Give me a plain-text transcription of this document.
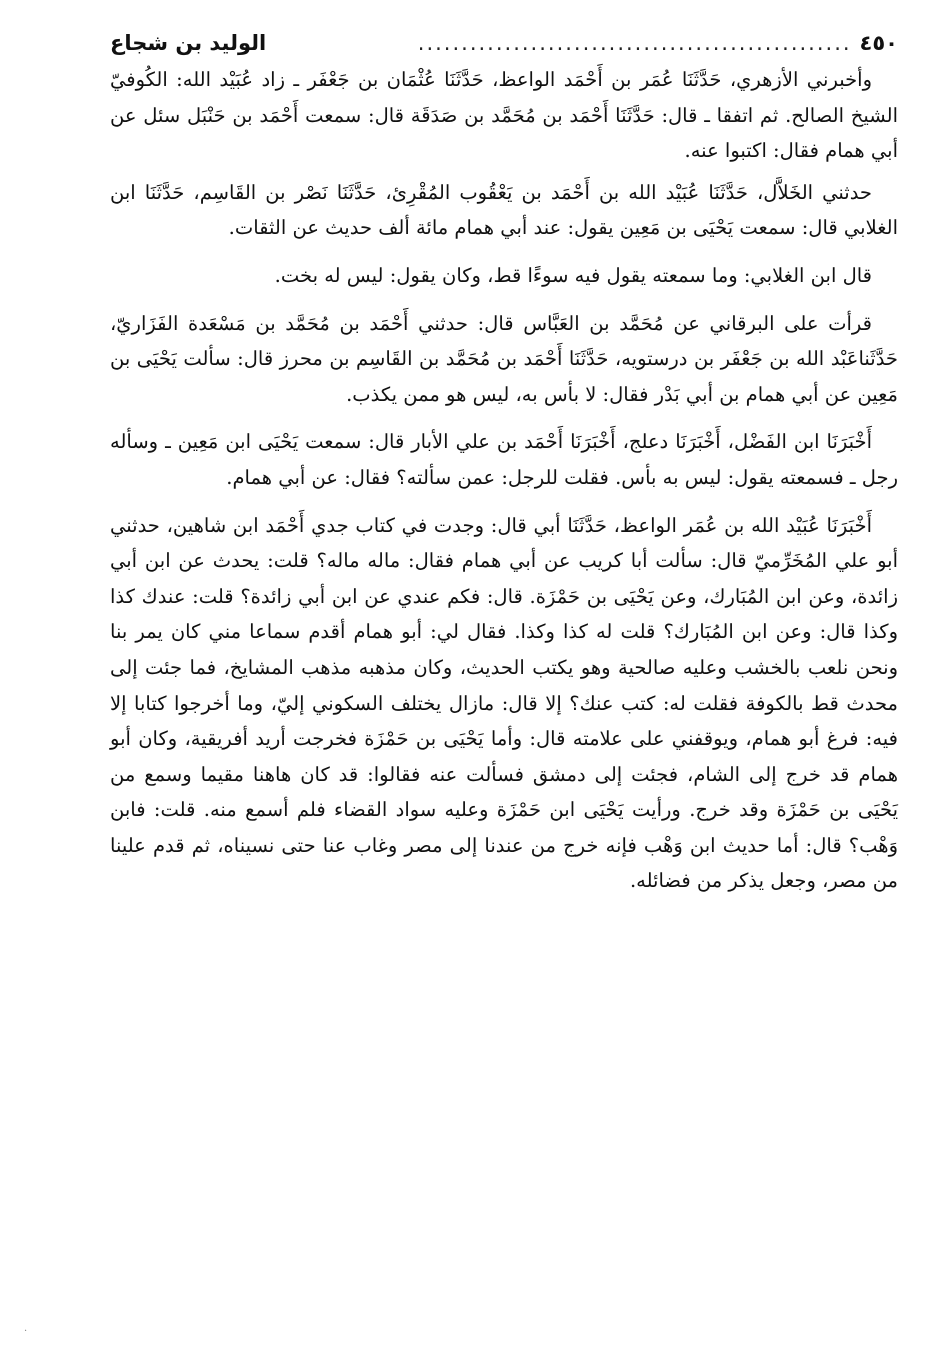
٤٥٠
..................................................
الوليد بن شجاع

وأخبرني الأزهري، حَدَّثَنَا عُمَر بن أَحْمَد الواعظ، حَدَّثَنَا عُثْمَان بن جَعْفَر ـ زاد عُبَيْد الله: الكُوفيّ الشيخ الصالح. ثم اتفقا ـ قال: حَدَّثَنَا أَحْمَد بن مُحَمَّد بن صَدَقَة قال: سمعت أَحْمَد بن حَنْبَل سئل عن أبي همام فقال: اكتبوا عنه.

حدثني الخَلاَّل، حَدَّثَنَا عُبَيْد الله بن أَحْمَد بن يَعْقُوب المُقْرِئ، حَدَّثَنَا نَصْر بن القَاسِم، حَدَّثَنَا ابن الغلابي قال: سمعت يَحْيَى بن مَعِين يقول: عند أبي همام مائة ألف حديث عن الثقات.

قال ابن الغلابي: وما سمعته يقول فيه سوءًا قط، وكان يقول: ليس له بخت.

قرأت على البرقاني عن مُحَمَّد بن العَبَّاس قال: حدثني أَحْمَد بن مُحَمَّد بن مَسْعَدة الفَزَاريّ، حَدَّثَناعَبْد الله بن جَعْفَر بن درستويه، حَدَّثَنَا أَحْمَد بن مُحَمَّد بن القَاسِم بن محرز قال: سألت يَحْيَى بن مَعِين عن أبي همام بن أبي بَدْر فقال: لا بأس به، ليس هو ممن يكذب.

أَخْبَرَنَا ابن الفَضْل، أَخْبَرَنَا دعلج، أَخْبَرَنَا أَحْمَد بن علي الأبار قال: سمعت يَحْيَى ابن مَعِين ـ وسأله رجل ـ فسمعته يقول: ليس به بأس. فقلت للرجل: عمن سألته؟ فقال: عن أبي همام.

أَخْبَرَنَا عُبَيْد الله بن عُمَر الواعظ، حَدَّثَنَا أبي قال: وجدت في كتاب جدي أَحْمَد ابن شاهين، حدثني أبو علي المُخَرِّميّ قال: سألت أبا كريب عن أبي همام فقال: ماله ماله؟ قلت: يحدث عن ابن أبي زائدة، وعن ابن المُبَارك، وعن يَحْيَى بن حَمْزَة. قال: فكم عندي عن ابن أبي زائدة؟ قلت: عندك كذا وكذا قال: وعن ابن المُبَارك؟ قلت له كذا وكذا. فقال لي: أبو همام أقدم سماعا مني كان يمر بنا ونحن نلعب بالخشب وعليه صالحية وهو يكتب الحديث، وكان مذهبه مذهب المشايخ، فما جئت إلى محدث قط بالكوفة فقلت له: كتب عنك؟ إلا قال: مازال يختلف السكوني إليّ، وما أخرجوا كتابا إلا فيه: فرغ أبو همام، ويوقفني على علامته قال: وأما يَحْيَى بن حَمْزَة فخرجت أريد أفريقية، وكان أبو همام قد خرج إلى الشام، فجئت إلى دمشق فسألت عنه فقالوا: قد كان هاهنا مقيما وسمع من يَحْيَى بن حَمْزَة وقد خرج. ورأيت يَحْيَى ابن حَمْزَة وعليه سواد القضاء فلم أسمع منه. قلت: فابن وَهْب؟ قال: أما حديث ابن وَهْب فإنه خرج من عندنا إلى مصر وغاب عنا حتى نسيناه، ثم قدم علينا من مصر، وجعل يذكر من فضائله.

·
